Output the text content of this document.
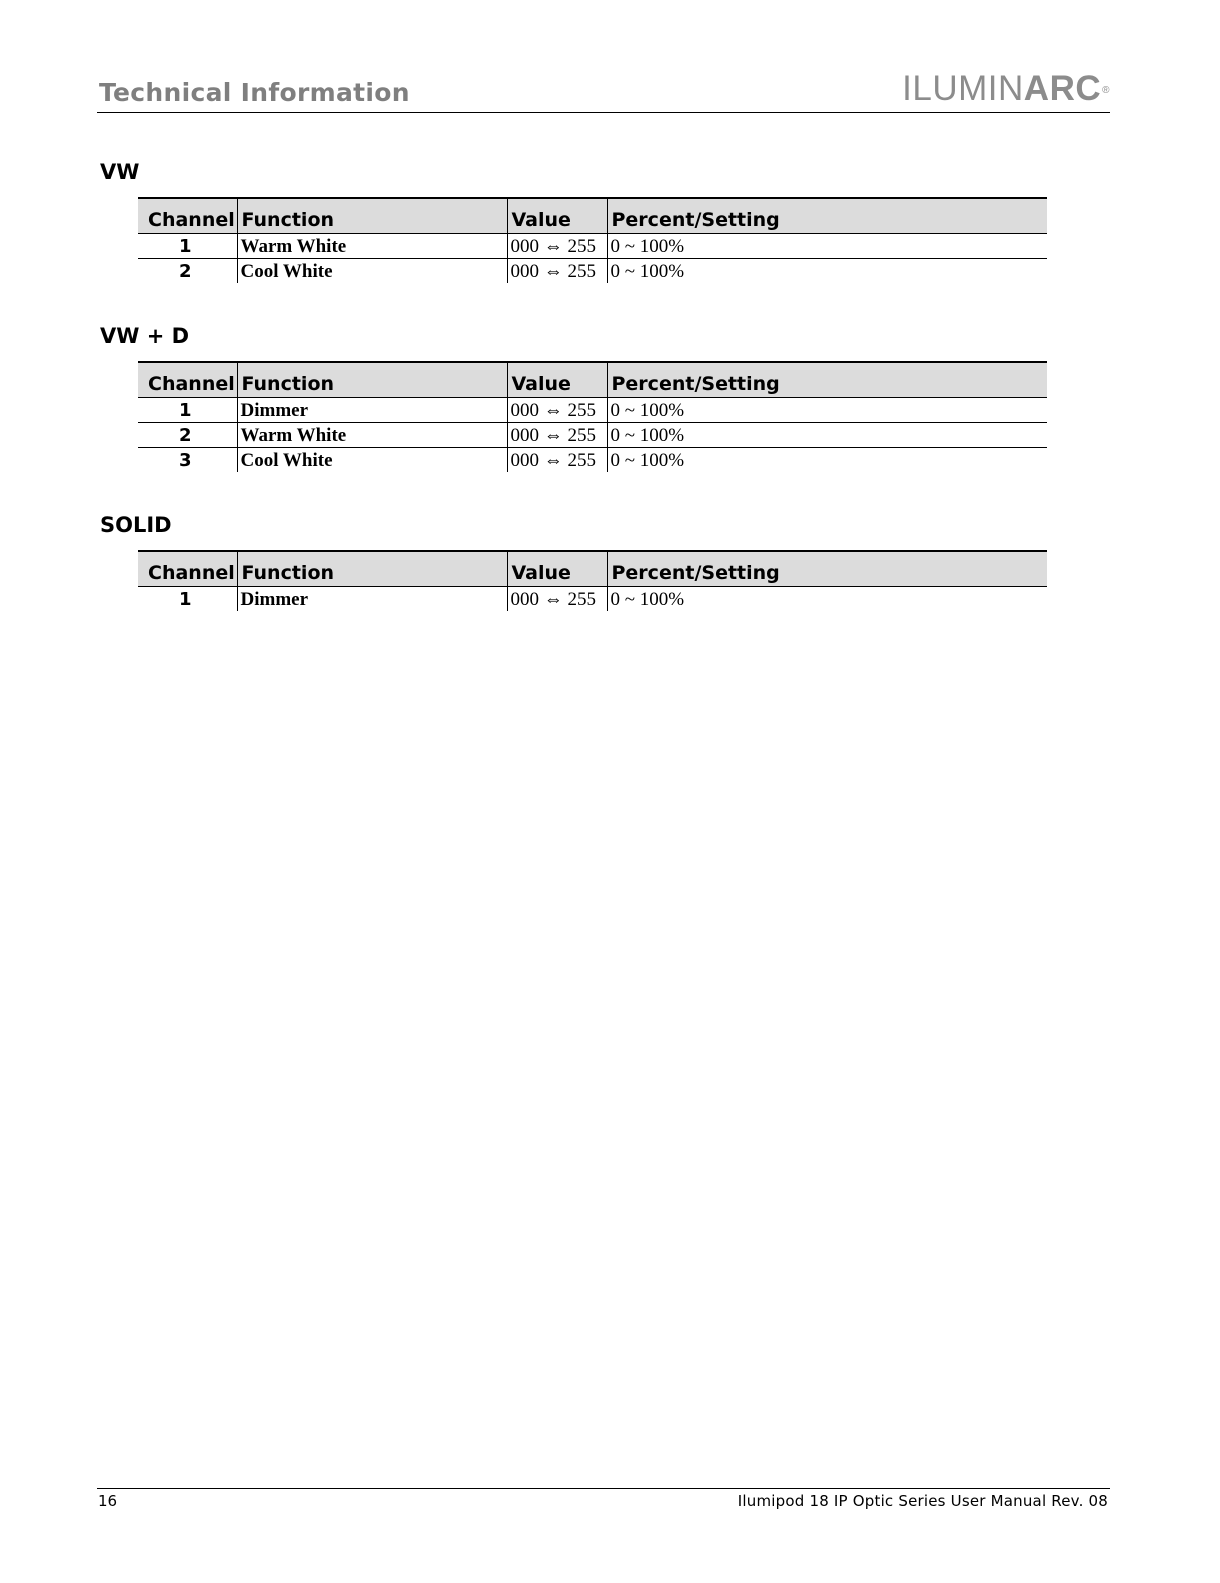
Technical Information	ILUMINARC®
VW
Channel	Function	Value	Percent/Setting
1	Warm White	000 ⇔ 255	0 ~ 100%
2	Cool White	000 ⇔ 255	0 ~ 100%
VW + D
Channel	Function	Value	Percent/Setting
1	Dimmer	000 ⇔ 255	0 ~ 100%
2	Warm White	000 ⇔ 255	0 ~ 100%
3	Cool White	000 ⇔ 255	0 ~ 100%
SOLID
Channel	Function	Value	Percent/Setting
1	Dimmer	000 ⇔ 255	0 ~ 100%
16	Ilumipod 18 IP Optic Series User Manual Rev. 08
